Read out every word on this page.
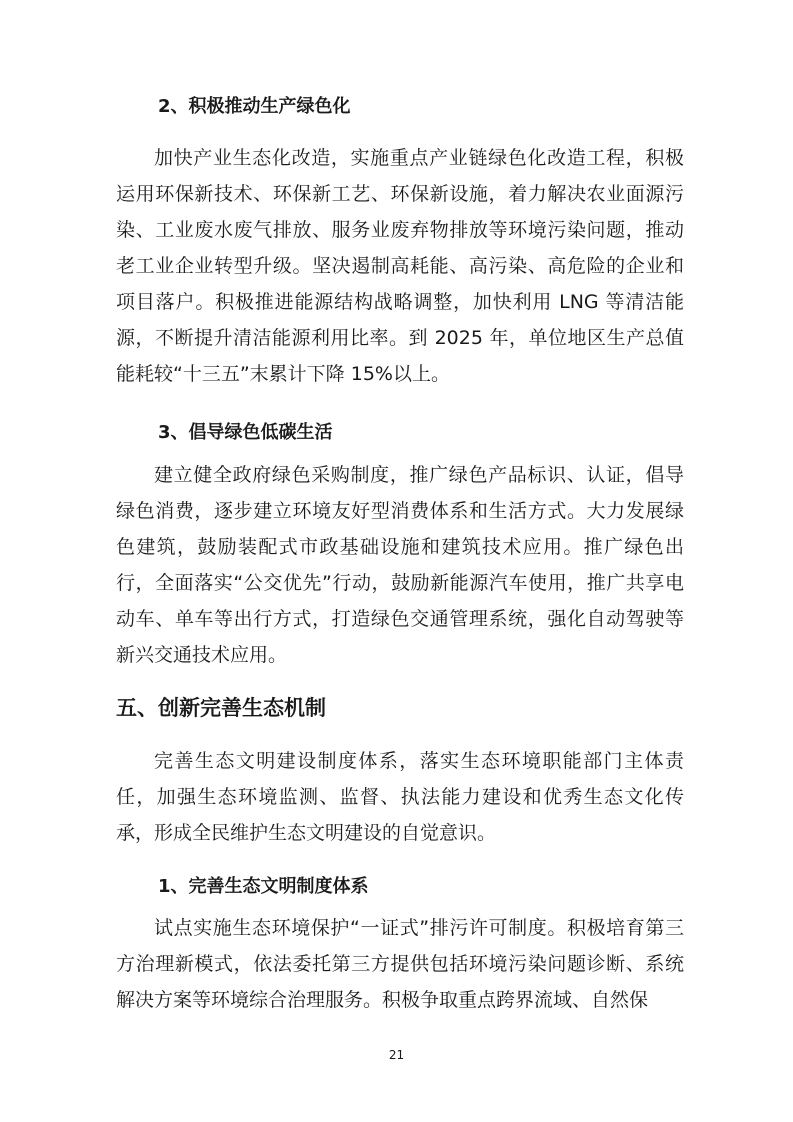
2、积极推动生产绿色化
加快产业生态化改造，实施重点产业链绿色化改造工程，积极运用环保新技术、环保新工艺、环保新设施，着力解决农业面源污染、工业废水废气排放、服务业废弃物排放等环境污染问题，推动老工业企业转型升级。坚决遏制高耗能、高污染、高危险的企业和项目落户。积极推进能源结构战略调整，加快利用 LNG 等清洁能源，不断提升清洁能源利用比率。到 2025 年，单位地区生产总值能耗较“十三五”末累计下降 15%以上。
3、倡导绿色低碳生活
建立健全政府绿色采购制度，推广绿色产品标识、认证，倡导绿色消费，逐步建立环境友好型消费体系和生活方式。大力发展绿色建筑，鼓励装配式市政基础设施和建筑技术应用。推广绿色出行，全面落实“公交优先”行动，鼓励新能源汽车使用，推广共享电动车、单车等出行方式，打造绿色交通管理系统，强化自动驾驶等新兴交通技术应用。
五、创新完善生态机制
完善生态文明建设制度体系，落实生态环境职能部门主体责任，加强生态环境监测、监督、执法能力建设和优秀生态文化传承，形成全民维护生态文明建设的自觉意识。
1、完善生态文明制度体系
试点实施生态环境保护“一证式”排污许可制度。积极培育第三方治理新模式，依法委托第三方提供包括环境污染问题诊断、系统解决方案等环境综合治理服务。积极争取重点跨界流域、自然保
21
